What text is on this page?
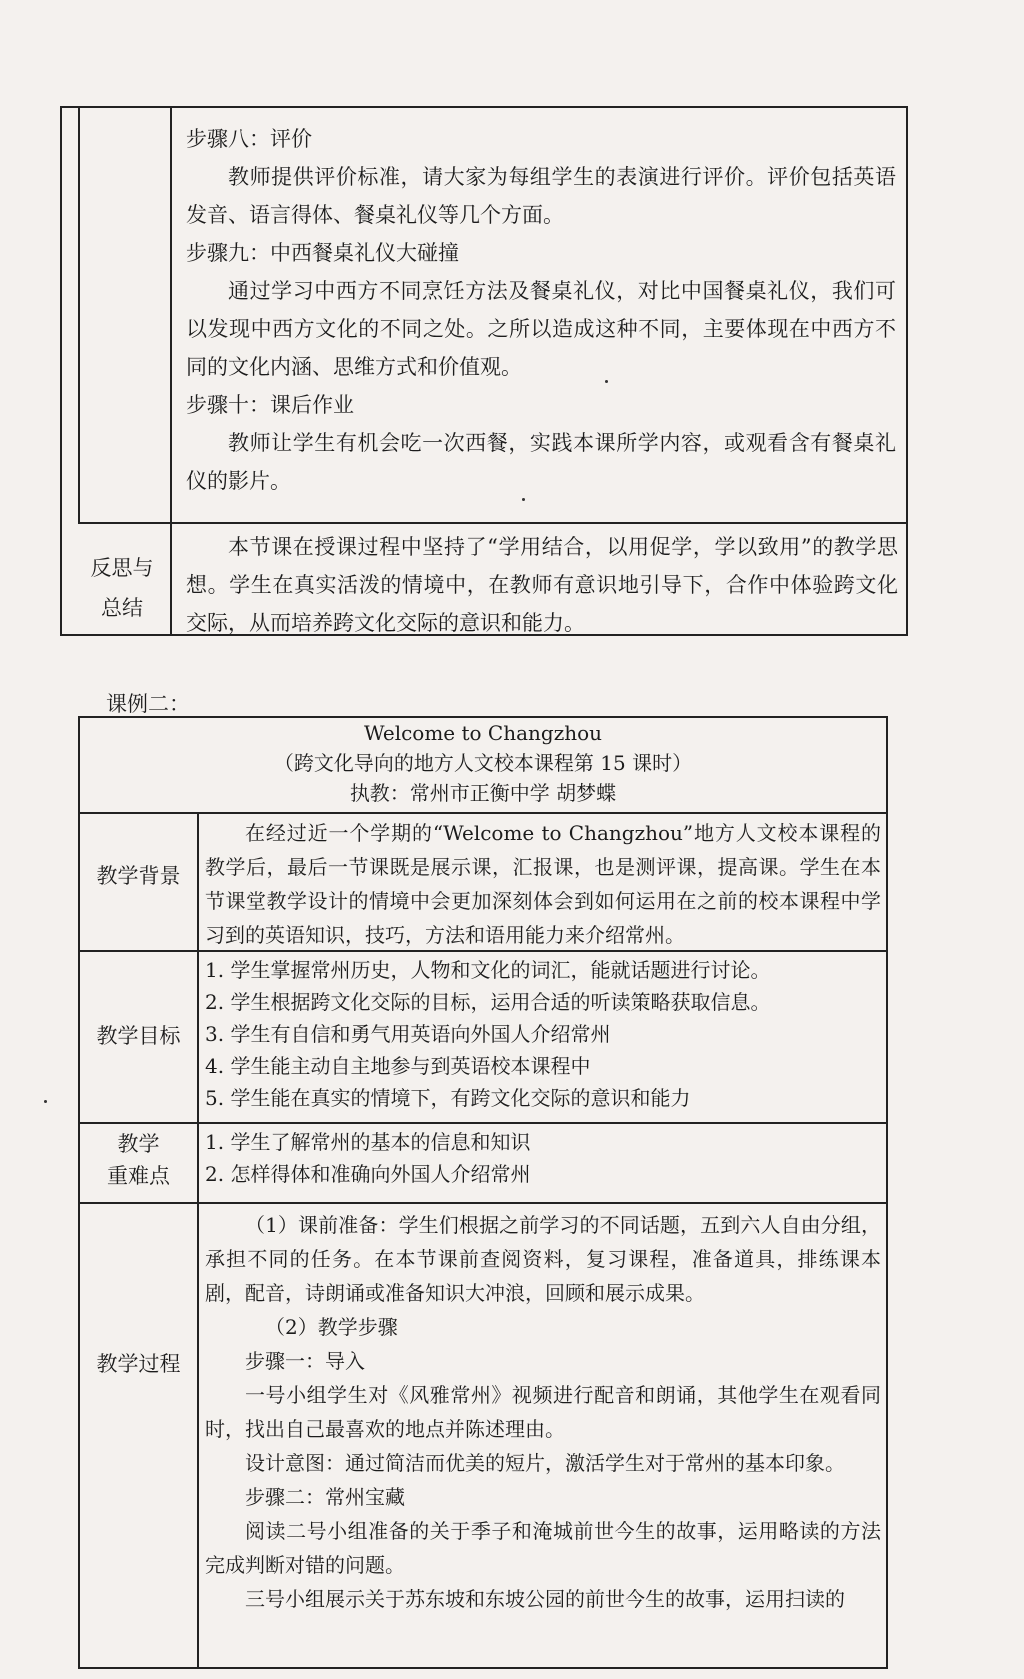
步骤八：评价
教师提供评价标准，请大家为每组学生的表演进行评价。评价包括英语发音、语言得体、餐桌礼仪等几个方面。
步骤九：中西餐桌礼仪大碰撞
通过学习中西方不同烹饪方法及餐桌礼仪，对比中国餐桌礼仪，我们可以发现中西方文化的不同之处。之所以造成这种不同，主要体现在中西方不同的文化内涵、思维方式和价值观。
步骤十：课后作业
教师让学生有机会吃一次西餐，实践本课所学内容，或观看含有餐桌礼仪的影片。
反思与
总结
本节课在授课过程中坚持了“学用结合，以用促学，学以致用”的教学思想。学生在真实活泼的情境中，在教师有意识地引导下，合作中体验跨文化交际，从而培养跨文化交际的意识和能力。
课例二：
Welcome to Changzhou
（跨文化导向的地方人文校本课程第 15 课时）
执教：常州市正衡中学 胡梦蝶
教学背景
在经过近一个学期的“Welcome to Changzhou”地方人文校本课程的教学后，最后一节课既是展示课，汇报课，也是测评课，提高课。学生在本节课堂教学设计的情境中会更加深刻体会到如何运用在之前的校本课程中学习到的英语知识，技巧，方法和语用能力来介绍常州。
教学目标
1. 学生掌握常州历史，人物和文化的词汇，能就话题进行讨论。
2. 学生根据跨文化交际的目标，运用合适的听读策略获取信息。
3. 学生有自信和勇气用英语向外国人介绍常州
4. 学生能主动自主地参与到英语校本课程中
5. 学生能在真实的情境下，有跨文化交际的意识和能力
教学
重难点
1. 学生了解常州的基本的信息和知识
2. 怎样得体和准确向外国人介绍常州
教学过程
（1）课前准备：学生们根据之前学习的不同话题，五到六人自由分组，承担不同的任务。在本节课前查阅资料，复习课程，准备道具，排练课本剧，配音，诗朗诵或准备知识大冲浪，回顾和展示成果。
（2）教学步骤
步骤一：导入
一号小组学生对《风雅常州》视频进行配音和朗诵，其他学生在观看同时，找出自己最喜欢的地点并陈述理由。
设计意图：通过简洁而优美的短片，激活学生对于常州的基本印象。
步骤二：常州宝藏
阅读二号小组准备的关于季子和淹城前世今生的故事，运用略读的方法完成判断对错的问题。
三号小组展示关于苏东坡和东坡公园的前世今生的故事，运用扫读的
